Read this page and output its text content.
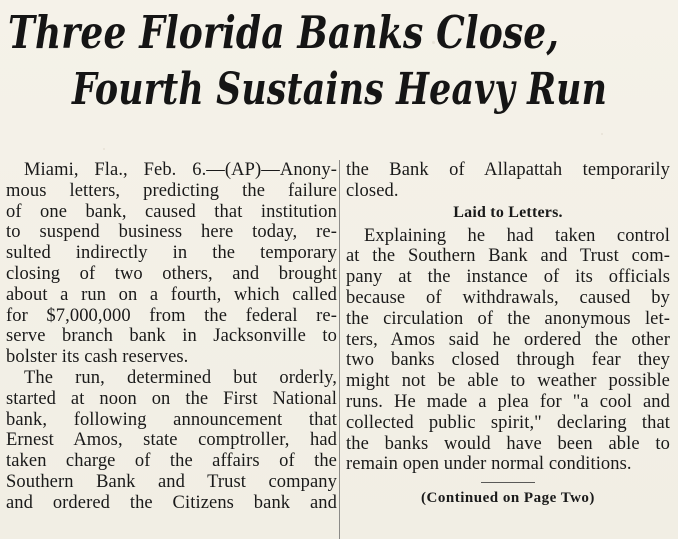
Three Florida Banks Close,
Fourth Sustains Heavy Run
Miami, Fla., Feb. 6.—(AP)—Anony-
mous letters, predicting the failure
of one bank, caused that institution
to suspend business here today, re-
sulted indirectly in the temporary
closing of two others, and brought
about a run on a fourth, which called
for $7,000,000 from the federal re-
serve branch bank in Jacksonville to
bolster its cash reserves.
The run, determined but orderly,
started at noon on the First National
bank, following announcement that
Ernest Amos, state comptroller, had
taken charge of the affairs of the
Southern Bank and Trust company
and ordered the Citizens bank and
the Bank of Allapattah temporarily
closed.
Laid to Letters.
Explaining he had taken control
at the Southern Bank and Trust com-
pany at the instance of its officials
because of withdrawals, caused by
the circulation of the anonymous let-
ters, Amos said he ordered the other
two banks closed through fear they
might not be able to weather possible
runs. He made a plea for "a cool and
collected public spirit," declaring that
the banks would have been able to
remain open under normal conditions.
(Continued on Page Two)
